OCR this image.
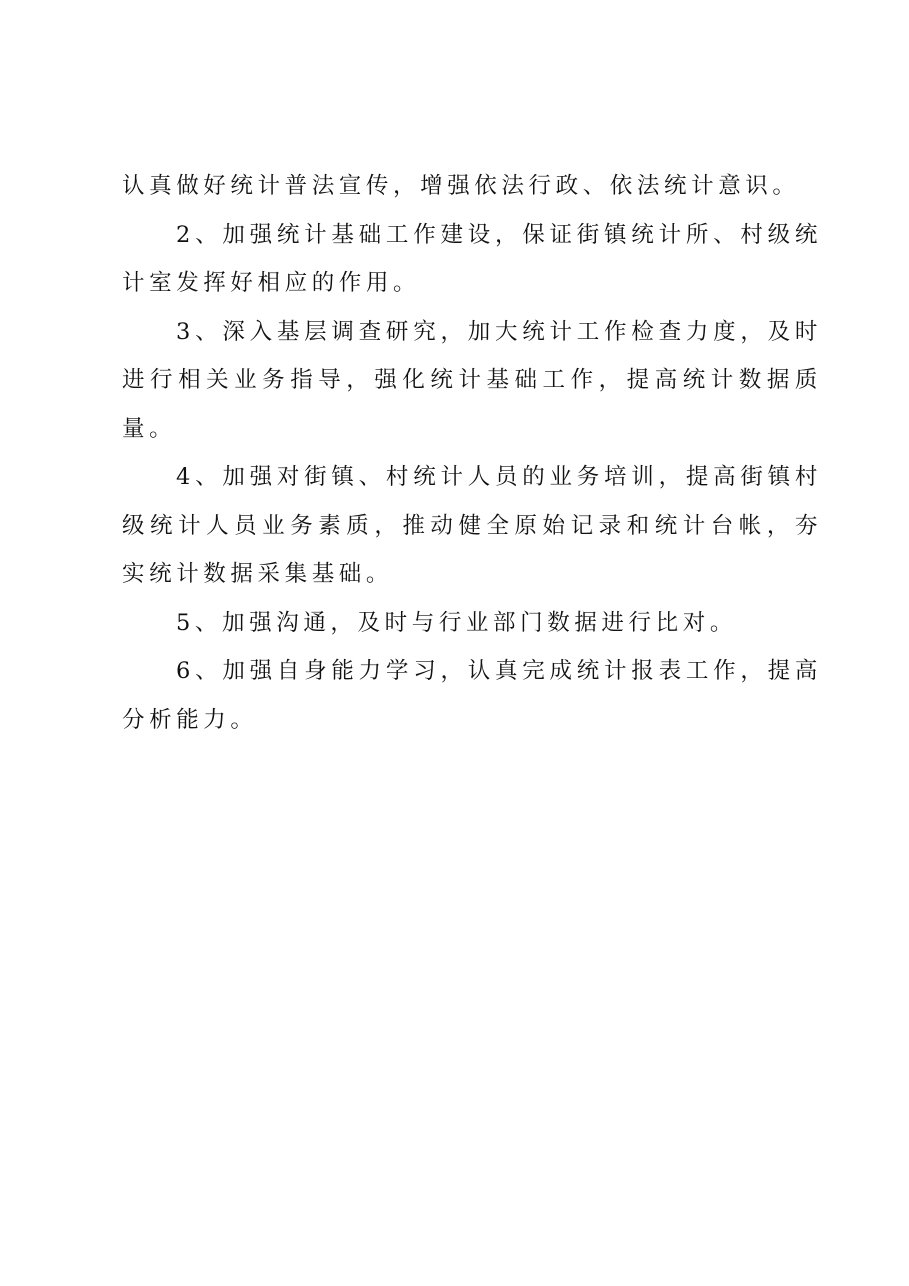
认真做好统计普法宣传，增强依法行政、依法统计意识。

2、加强统计基础工作建设，保证街镇统计所、村级统计室发挥好相应的作用。

3、深入基层调查研究，加大统计工作检查力度，及时进行相关业务指导，强化统计基础工作，提高统计数据质量。

4、加强对街镇、村统计人员的业务培训，提高街镇村级统计人员业务素质，推动健全原始记录和统计台帐，夯实统计数据采集基础。

5、加强沟通，及时与行业部门数据进行比对。

6、加强自身能力学习，认真完成统计报表工作，提高分析能力。
